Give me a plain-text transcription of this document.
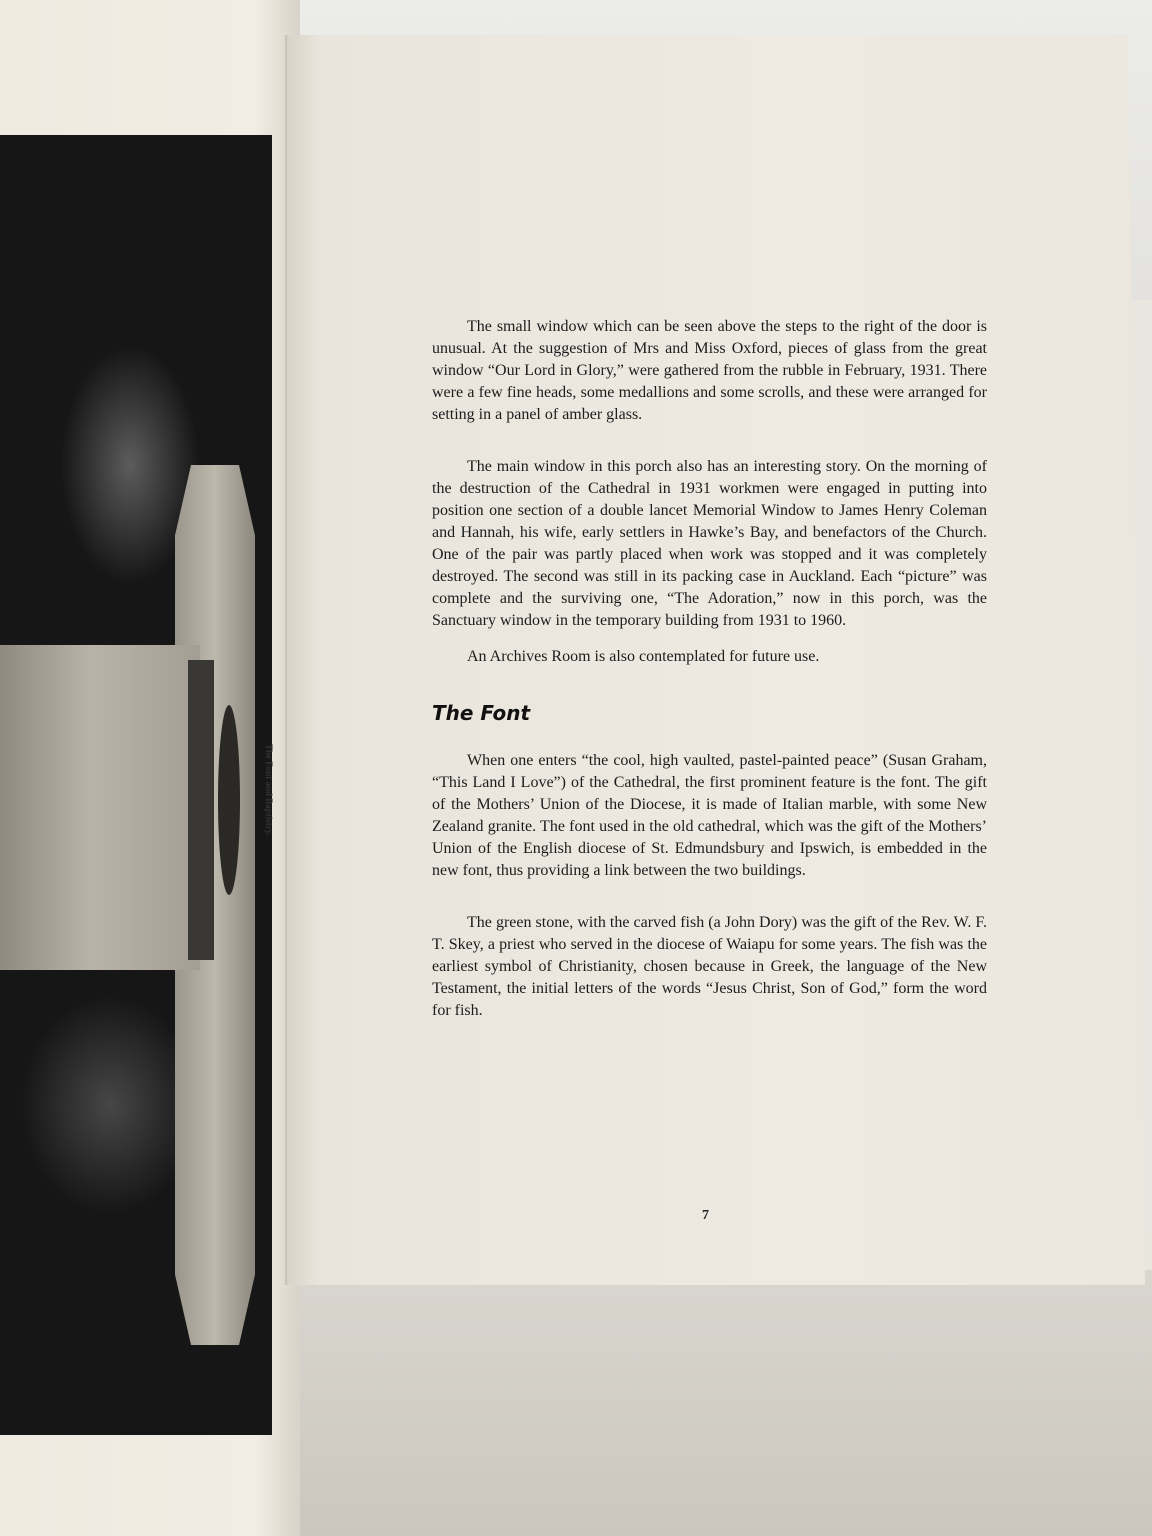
The Font and Baptistry.

The small window which can be seen above the steps to the right of the door is unusual. At the suggestion of Mrs and Miss Oxford, pieces of glass from the great window “Our Lord in Glory,” were gathered from the rubble in February, 1931. There were a few fine heads, some medallions and some scrolls, and these were arranged for setting in a panel of amber glass.

The main window in this porch also has an interesting story. On the morning of the destruction of the Cathedral in 1931 workmen were engaged in putting into position one section of a double lancet Memorial Window to James Henry Coleman and Hannah, his wife, early settlers in Hawke’s Bay, and benefactors of the Church. One of the pair was partly placed when work was stopped and it was completely destroyed. The second was still in its packing case in Auckland. Each “picture” was complete and the surviving one, “The Adoration,” now in this porch, was the Sanctuary window in the temporary building from 1931 to 1960.

An Archives Room is also contemplated for future use.

The Font

When one enters “the cool, high vaulted, pastel-painted peace” (Susan Graham, “This Land I Love”) of the Cathedral, the first prominent feature is the font. The gift of the Mothers’ Union of the Diocese, it is made of Italian marble, with some New Zealand granite. The font used in the old cathedral, which was the gift of the Mothers’ Union of the English diocese of St. Edmundsbury and Ipswich, is embedded in the new font, thus providing a link between the two buildings.

The green stone, with the carved fish (a John Dory) was the gift of the Rev. W. F. T. Skey, a priest who served in the diocese of Waiapu for some years. The fish was the earliest symbol of Christianity, chosen because in Greek, the language of the New Testament, the initial letters of the words “Jesus Christ, Son of God,” form the word for fish.

7
